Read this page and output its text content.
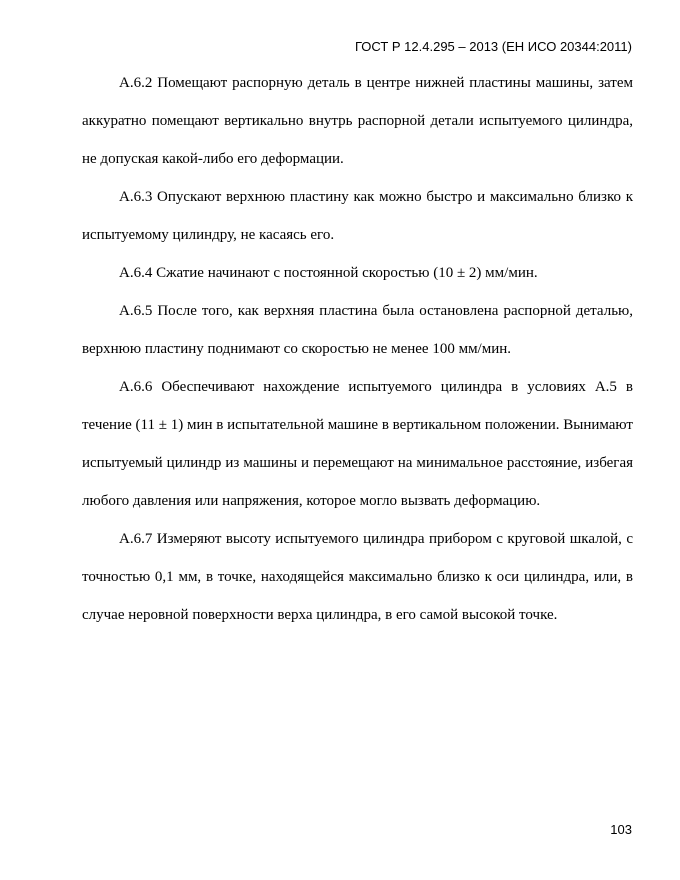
ГОСТ Р 12.4.295 – 2013 (ЕН ИСО 20344:2011)

А.6.2 Помещают распорную деталь в центре нижней пластины машины, затем аккуратно помещают вертикально внутрь распорной детали испытуемого цилиндра, не допуская какой-либо его деформации.

А.6.3 Опускают верхнюю пластину как можно быстро и максимально близко к испытуемому цилиндру, не касаясь его.

А.6.4 Сжатие начинают с постоянной скоростью (10 ± 2) мм/мин.

А.6.5 После того, как верхняя пластина была остановлена распорной деталью, верхнюю пластину поднимают со скоростью не менее 100 мм/мин.

А.6.6 Обеспечивают нахождение испытуемого цилиндра в условиях А.5 в течение (11 ± 1) мин в испытательной машине в вертикальном положении. Вынимают испытуемый цилиндр из машины и перемещают на минимальное расстояние, избегая любого давления или напряжения, которое могло вызвать деформацию.

А.6.7 Измеряют высоту испытуемого цилиндра прибором с круговой шкалой, с точностью 0,1 мм, в точке, находящейся максимально близко к оси цилиндра, или, в случае неровной поверхности верха цилиндра, в его самой высокой точке.

103
